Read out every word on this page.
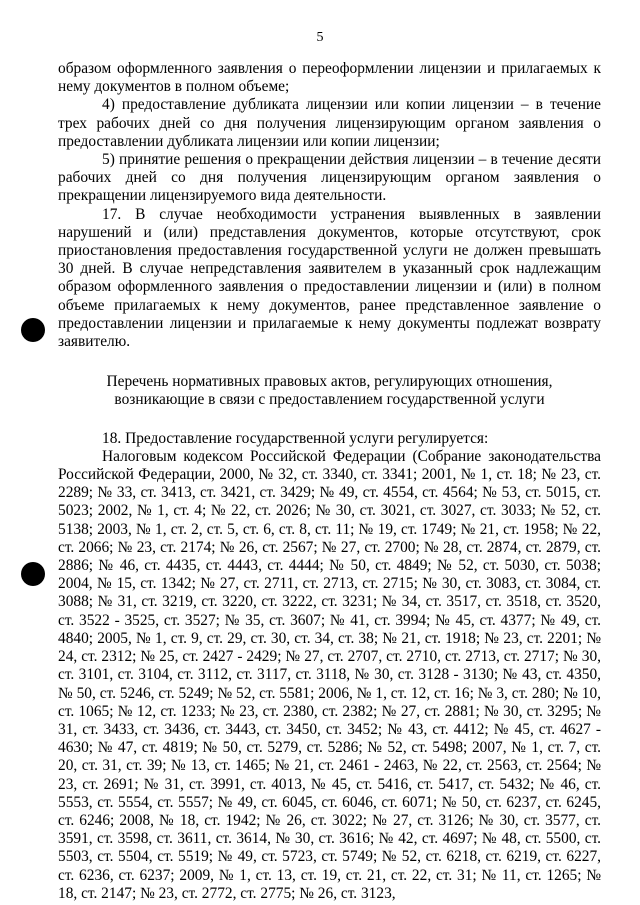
5

образом оформленного заявления о переоформлении лицензии и прилагаемых к нему документов в полном объеме;

4) предоставление дубликата лицензии или копии лицензии – в течение трех рабочих дней со дня получения лицензирующим органом заявления о предоставлении дубликата лицензии или копии лицензии;

5) принятие решения о прекращении действия лицензии – в течение десяти рабочих дней со дня получения лицензирующим органом заявления о прекращении лицензируемого вида деятельности.

17. В случае необходимости устранения выявленных в заявлении нарушений и (или) представления документов, которые отсутствуют, срок приостановления предоставления государственной услуги не должен превышать 30 дней. В случае непредставления заявителем в указанный срок надлежащим образом оформленного заявления о предоставлении лицензии и (или) в полном объеме прилагаемых к нему документов, ранее представленное заявление о предоставлении лицензии и прилагаемые к нему документы подлежат возврату заявителю.

Перечень нормативных правовых актов, регулирующих отношения,
возникающие в связи с предоставлением государственной услуги

18. Предоставление государственной услуги регулируется:

Налоговым кодексом Российской Федерации (Собрание законодательства Российской Федерации, 2000, № 32, ст. 3340, ст. 3341; 2001, № 1, ст. 18; № 23, ст. 2289; № 33, ст. 3413, ст. 3421, ст. 3429; № 49, ст. 4554, ст. 4564; № 53, ст. 5015, ст. 5023; 2002, № 1, ст. 4; № 22, ст. 2026; № 30, ст. 3021, ст. 3027, ст. 3033; № 52, ст. 5138; 2003, № 1, ст. 2, ст. 5, ст. 6, ст. 8, ст. 11; № 19, ст. 1749; № 21, ст. 1958; № 22, ст. 2066; № 23, ст. 2174; № 26, ст. 2567; № 27, ст. 2700; № 28, ст. 2874, ст. 2879, ст. 2886; № 46, ст. 4435, ст. 4443, ст. 4444; № 50, ст. 4849; № 52, ст. 5030, ст. 5038; 2004, № 15, ст. 1342; № 27, ст. 2711, ст. 2713, ст. 2715; № 30, ст. 3083, ст. 3084, ст. 3088; № 31, ст. 3219, ст. 3220, ст. 3222, ст. 3231; № 34, ст. 3517, ст. 3518, ст. 3520, ст. 3522 - 3525, ст. 3527; № 35, ст. 3607; № 41, ст. 3994; № 45, ст. 4377; № 49, ст. 4840; 2005, № 1, ст. 9, ст. 29, ст. 30, ст. 34, ст. 38; № 21, ст. 1918; № 23, ст. 2201; № 24, ст. 2312; № 25, ст. 2427 - 2429; № 27, ст. 2707, ст. 2710, ст. 2713, ст. 2717; № 30, ст. 3101, ст. 3104, ст. 3112, ст. 3117, ст. 3118, № 30, ст. 3128 - 3130; № 43, ст. 4350, № 50, ст. 5246, ст. 5249; № 52, ст. 5581; 2006, № 1, ст. 12, ст. 16; № 3, ст. 280; № 10, ст. 1065; № 12, ст. 1233; № 23, ст. 2380, ст. 2382; № 27, ст. 2881; № 30, ст. 3295; № 31, ст. 3433, ст. 3436, ст. 3443, ст. 3450, ст. 3452; № 43, ст. 4412; № 45, ст. 4627 - 4630; № 47, ст. 4819; № 50, ст. 5279, ст. 5286; № 52, ст. 5498; 2007, № 1, ст. 7, ст. 20, ст. 31, ст. 39; № 13, ст. 1465; № 21, ст. 2461 - 2463, № 22, ст. 2563, ст. 2564; № 23, ст. 2691; № 31, ст. 3991, ст. 4013, № 45, ст. 5416, ст. 5417, ст. 5432; № 46, ст. 5553, ст. 5554, ст. 5557; № 49, ст. 6045, ст. 6046, ст. 6071; № 50, ст. 6237, ст. 6245, ст. 6246; 2008, № 18, ст. 1942; № 26, ст. 3022; № 27, ст. 3126; № 30, ст. 3577, ст. 3591, ст. 3598, ст. 3611, ст. 3614, № 30, ст. 3616; № 42, ст. 4697; № 48, ст. 5500, ст. 5503, ст. 5504, ст. 5519; № 49, ст. 5723, ст. 5749; № 52, ст. 6218, ст. 6219, ст. 6227, ст. 6236, ст. 6237; 2009, № 1, ст. 13, ст. 19, ст. 21, ст. 22, ст. 31; № 11, ст. 1265; № 18, ст. 2147; № 23, ст. 2772, ст. 2775; № 26, ст. 3123,
